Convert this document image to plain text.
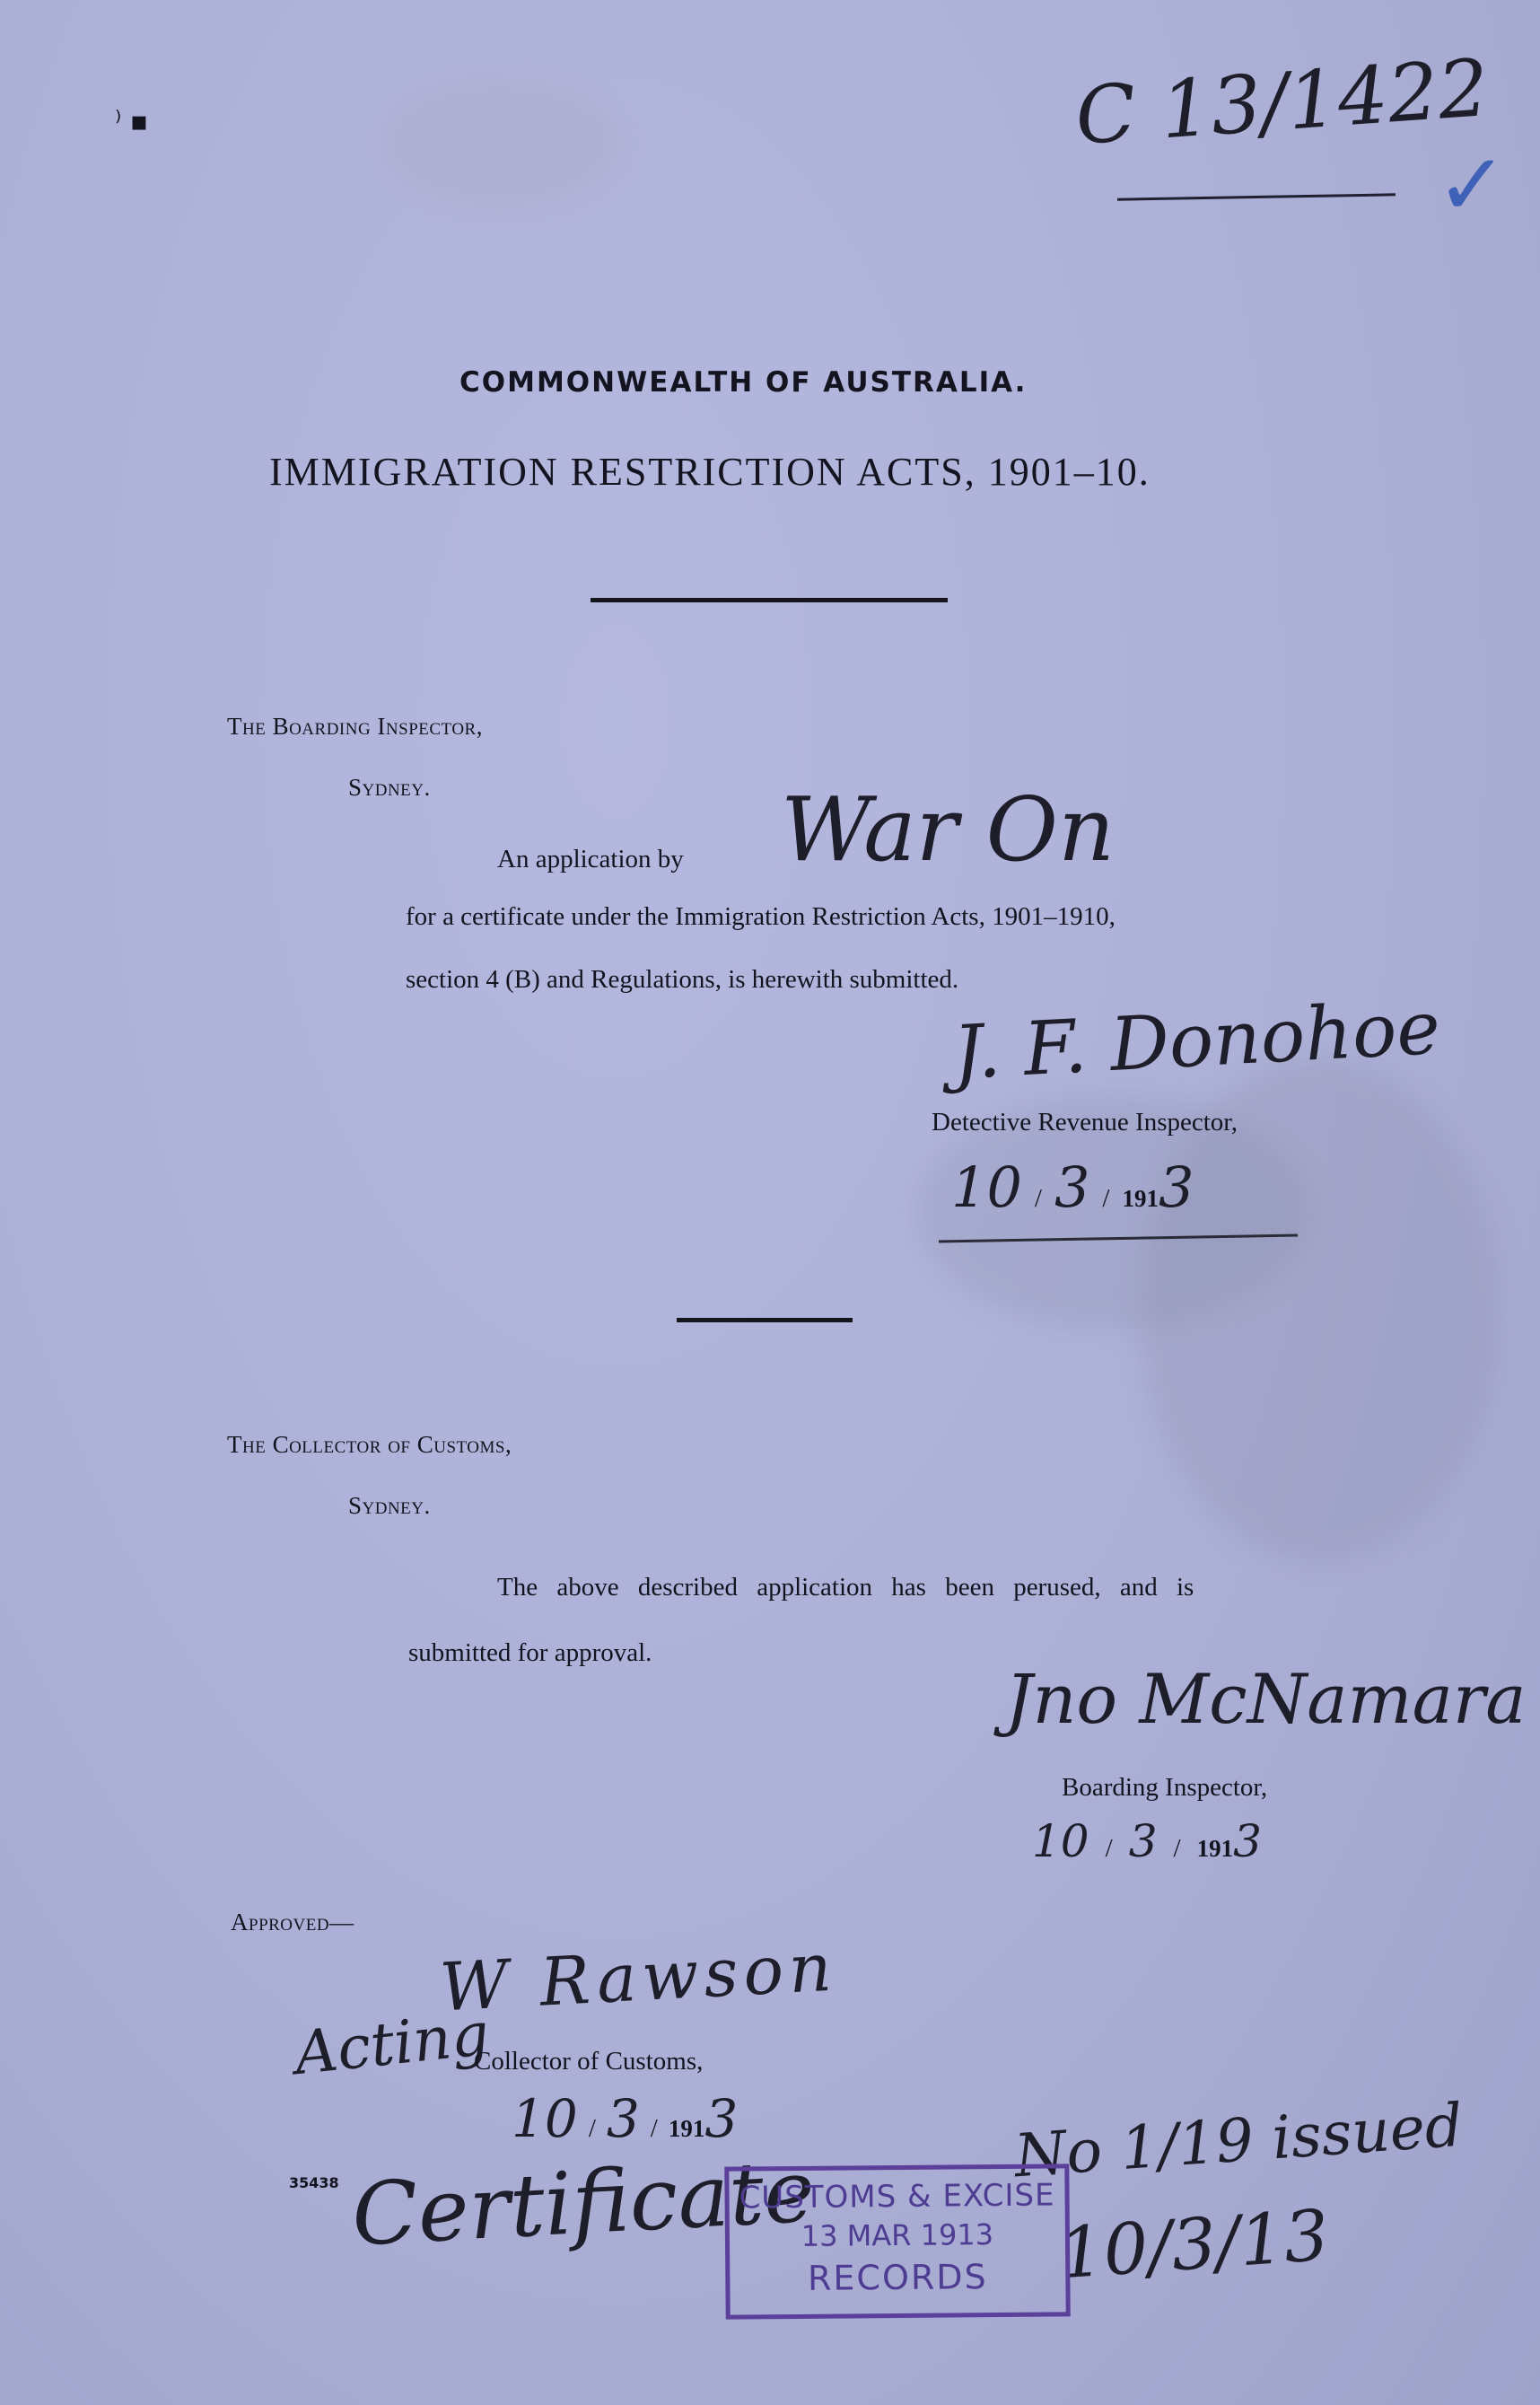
C 13/1422
✓
⁾ ▪
COMMONWEALTH OF AUSTRALIA.
IMMIGRATION RESTRICTION ACTS, 1901–10.
The Boarding Inspector,
Sydney.
An application by War On
for a certificate under the Immigration Restriction Acts, 1901–1910,
section 4 (B) and Regulations, is herewith submitted.
J. F. Donohoe
Detective Revenue Inspector,
10 / 3 / 1913
The Collector of Customs,
Sydney.
The above described application has been perused, and is
submitted for approval.
Jno McNamara
Boarding Inspector,
10 / 3 / 1913
Approved—
W Rawson
Acting
Collector of Customs,
10 / 3 / 1913
35438 Certificate
No 1/19 issued
10/3/13
CUSTOMS & EXCISE
13 MAR 1913
RECORDS
